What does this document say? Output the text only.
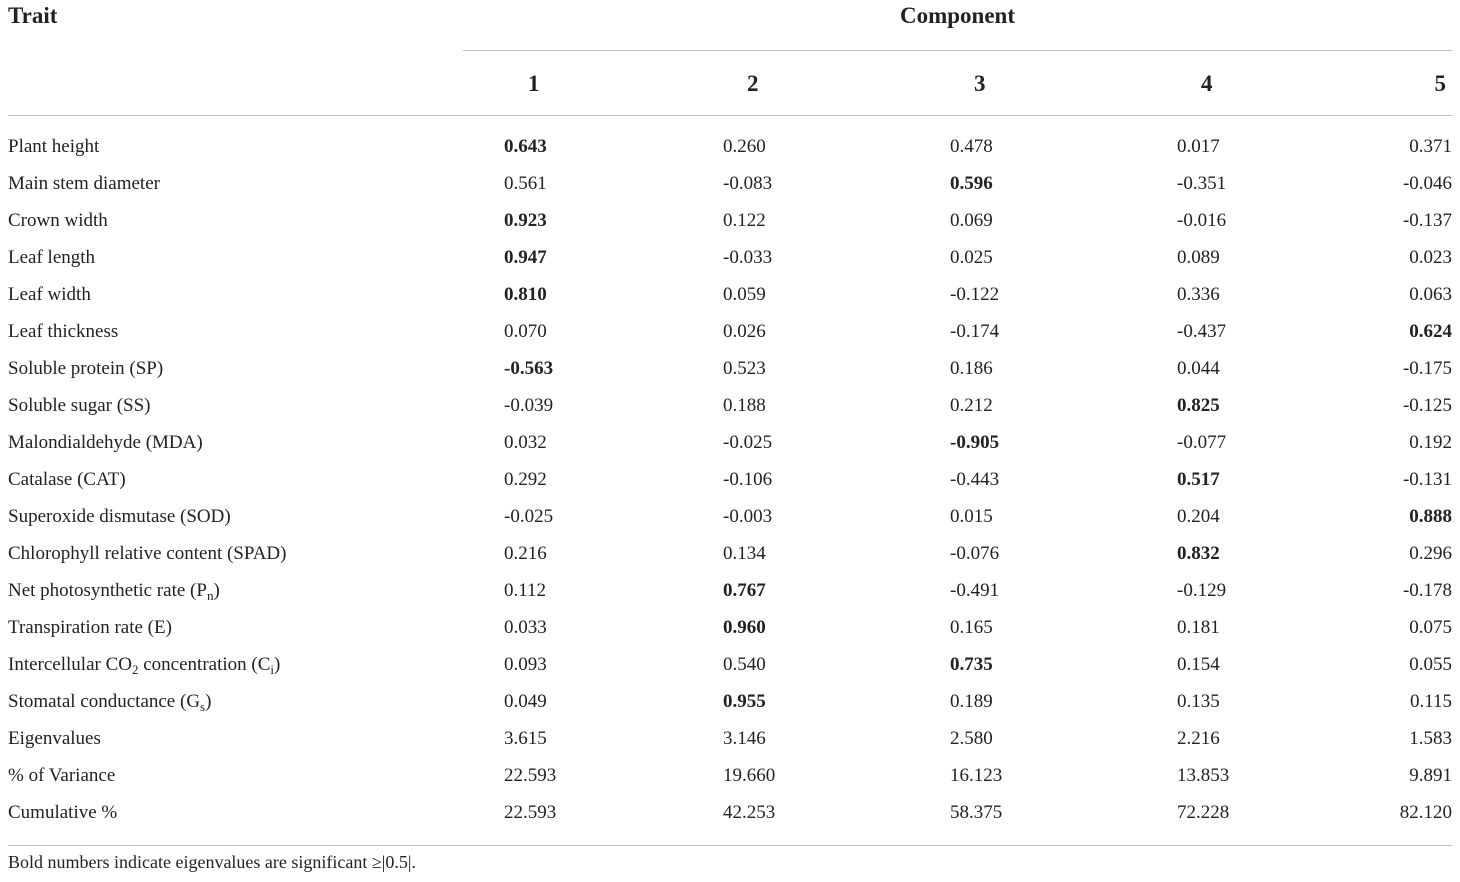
Trait	Component				
	1	2	3	4	5
Plant height	0.643	0.260	0.478	0.017	0.371
Main stem diameter	0.561	-0.083	0.596	-0.351	-0.046
Crown width	0.923	0.122	0.069	-0.016	-0.137
Leaf length	0.947	-0.033	0.025	0.089	0.023
Leaf width	0.810	0.059	-0.122	0.336	0.063
Leaf thickness	0.070	0.026	-0.174	-0.437	0.624
Soluble protein (SP)	-0.563	0.523	0.186	0.044	-0.175
Soluble sugar (SS)	-0.039	0.188	0.212	0.825	-0.125
Malondialdehyde (MDA)	0.032	-0.025	-0.905	-0.077	0.192
Catalase (CAT)	0.292	-0.106	-0.443	0.517	-0.131
Superoxide dismutase (SOD)	-0.025	-0.003	0.015	0.204	0.888
Chlorophyll relative content (SPAD)	0.216	0.134	-0.076	0.832	0.296
Net photosynthetic rate $(P_n)$	0.112	0.767	-0.491	-0.129	-0.178
Transpiration rate (E)	0.033	0.960	0.165	0.181	0.075
Intercellular $CO_2$ concentration $(C_i)$	0.093	0.540	0.735	0.154	0.055
Stomatal conductance $(G_s)$	0.049	0.955	0.189	0.135	0.115
Eigenvalues	3.615	3.146	2.580	2.216	1.583
% of Variance	22.593	19.660	16.123	13.853	9.891
Cumulative %	22.593	42.253	58.375	72.228	82.120
Bold numbers indicate eigenvalues are significant ≥|0.5|.
